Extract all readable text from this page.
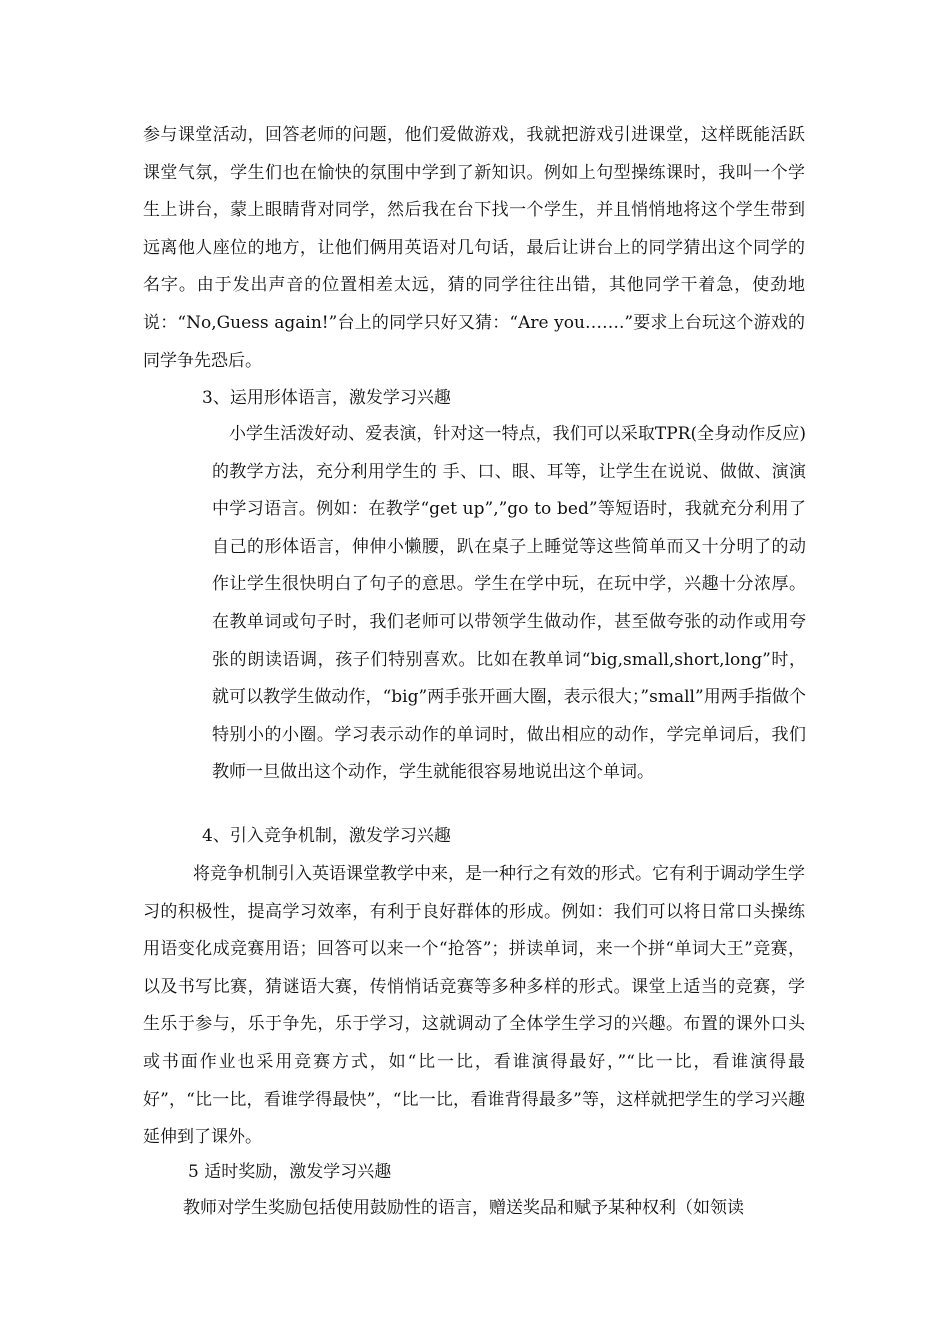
参与课堂活动，回答老师的问题，他们爱做游戏，我就把游戏引进课堂，这样既能活跃课堂气氛，学生们也在愉快的氛围中学到了新知识。例如上句型操练课时，我叫一个学生上讲台，蒙上眼睛背对同学，然后我在台下找一个学生，并且悄悄地将这个学生带到远离他人座位的地方，让他们俩用英语对几句话，最后让讲台上的同学猜出这个同学的名字。由于发出声音的位置相差太远，猜的同学往往出错，其他同学干着急，使劲地说：“No,Guess again!”台上的同学只好又猜：“Are you…….”要求上台玩这个游戏的同学争先恐后。

3、运用形体语言，激发学习兴趣

小学生活泼好动、爱表演，针对这一特点，我们可以采取TPR(全身动作反应)的教学方法，充分利用学生的 手、口、眼、耳等，让学生在说说、做做、演演中学习语言。例如：在教学“get up”,”go to bed”等短语时，我就充分利用了自己的形体语言，伸伸小懒腰，趴在桌子上睡觉等这些简单而又十分明了的动作让学生很快明白了句子的意思。学生在学中玩，在玩中学，兴趣十分浓厚。在教单词或句子时，我们老师可以带领学生做动作，甚至做夸张的动作或用夸张的朗读语调，孩子们特别喜欢。比如在教单词“big,small,short,long”时，就可以教学生做动作，“big”两手张开画大圈，表示很大；”small”用两手指做个特别小的小圈。学习表示动作的单词时，做出相应的动作，学完单词后，我们教师一旦做出这个动作，学生就能很容易地说出这个单词。

4、引入竞争机制，激发学习兴趣

将竞争机制引入英语课堂教学中来，是一种行之有效的形式。它有利于调动学生学习的积极性，提高学习效率，有利于良好群体的形成。例如：我们可以将日常口头操练用语变化成竞赛用语；回答可以来一个“抢答”；拼读单词，来一个拼“单词大王”竞赛，以及书写比赛，猜谜语大赛，传悄悄话竞赛等多种多样的形式。课堂上适当的竞赛，学生乐于参与，乐于争先，乐于学习，这就调动了全体学生学习的兴趣。布置的课外口头或书面作业也采用竞赛方式，如“比一比，看谁演得最好，”“比一比，看谁演得最好”，“比一比，看谁学得最快”，“比一比，看谁背得最多”等，这样就把学生的学习兴趣延伸到了课外。

5 适时奖励，激发学习兴趣

教师对学生奖励包括使用鼓励性的语言，赠送奖品和赋予某种权利（如领读
